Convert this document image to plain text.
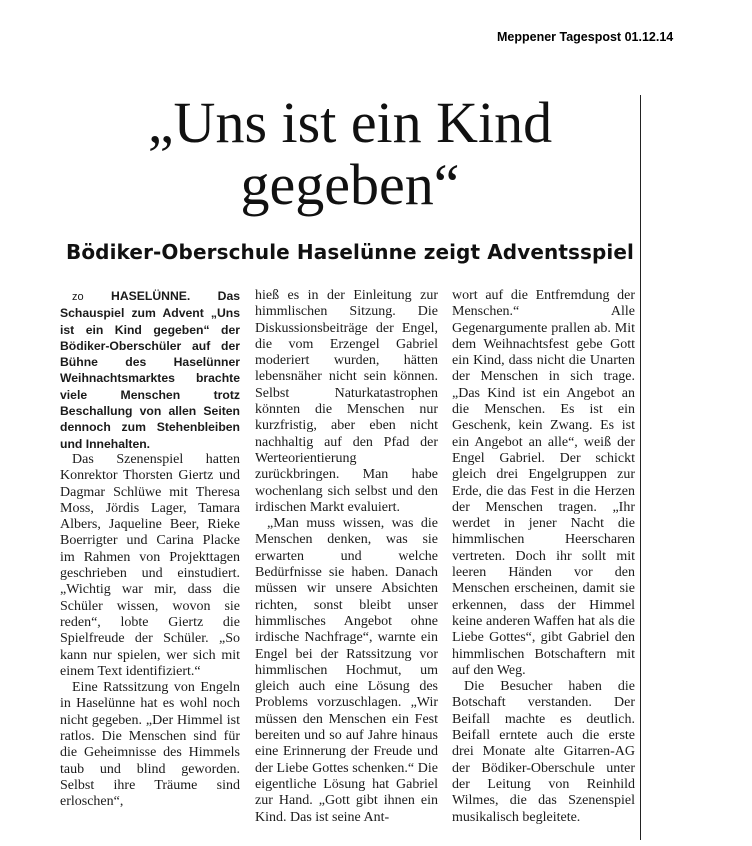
Meppener Tagespost 01.12.14
„Uns ist ein Kind gegeben“
Bödiker-Oberschule Haselünne zeigt Adventsspiel

zo HASELÜNNE. Das Schauspiel zum Advent „Uns ist ein Kind gegeben“ der Bödiker-Oberschüler auf der Bühne des Haselünner Weihnachtsmarktes brachte viele Menschen trotz Beschallung von allen Seiten dennoch zum Stehenbleiben und Innehalten.

Das Szenenspiel hatten Konrektor Thorsten Giertz und Dagmar Schlüwe mit Theresa Moss, Jördis Lager, Tamara Albers, Jaqueline Beer, Rieke Boerrigter und Carina Placke im Rahmen von Projekttagen geschrieben und einstudiert. „Wichtig war mir, dass die Schüler wissen, wovon sie reden“, lobte Giertz die Spielfreude der Schüler. „So kann nur spielen, wer sich mit einem Text identifiziert.“

Eine Ratssitzung von Engeln in Haselünne hat es wohl noch nicht gegeben. „Der Himmel ist ratlos. Die Menschen sind für die Geheimnisse des Himmels taub und blind geworden. Selbst ihre Träume sind erloschen“,

hieß es in der Einleitung zur himmlischen Sitzung. Die Diskussionsbeiträge der Engel, die vom Erzengel Gabriel moderiert wurden, hätten lebensnäher nicht sein können. Selbst Naturkatastrophen könnten die Menschen nur kurzfristig, aber eben nicht nachhaltig auf den Pfad der Werteorientierung zurückbringen. Man habe wochenlang sich selbst und den irdischen Markt evaluiert.

„Man muss wissen, was die Menschen denken, was sie erwarten und welche Bedürfnisse sie haben. Danach müssen wir unsere Absichten richten, sonst bleibt unser himmlisches Angebot ohne irdische Nachfrage“, warnte ein Engel bei der Ratssitzung vor himmlischen Hochmut, um gleich auch eine Lösung des Problems vorzuschlagen. „Wir müssen den Menschen ein Fest bereiten und so auf Jahre hinaus eine Erinnerung der Freude und der Liebe Gottes schenken.“ Die eigentliche Lösung hat Gabriel zur Hand. „Gott gibt ihnen ein Kind. Das ist seine Ant-

wort auf die Entfremdung der Menschen.“ Alle Gegenargumente prallen ab. Mit dem Weihnachtsfest gebe Gott ein Kind, dass nicht die Unarten der Menschen in sich trage. „Das Kind ist ein Angebot an die Menschen. Es ist ein Geschenk, kein Zwang. Es ist ein Angebot an alle“, weiß der Engel Gabriel. Der schickt gleich drei Engelgruppen zur Erde, die das Fest in die Herzen der Menschen tragen. „Ihr werdet in jener Nacht die himmlischen Heerscharen vertreten. Doch ihr sollt mit leeren Händen vor den Menschen erscheinen, damit sie erkennen, dass der Himmel keine anderen Waffen hat als die Liebe Gottes“, gibt Gabriel den himmlischen Botschaftern mit auf den Weg.

Die Besucher haben die Botschaft verstanden. Der Beifall machte es deutlich. Beifall erntete auch die erste drei Monate alte Gitarren-AG der Bödiker-Oberschule unter der Leitung von Reinhild Wilmes, die das Szenenspiel musikalisch begleitete.
